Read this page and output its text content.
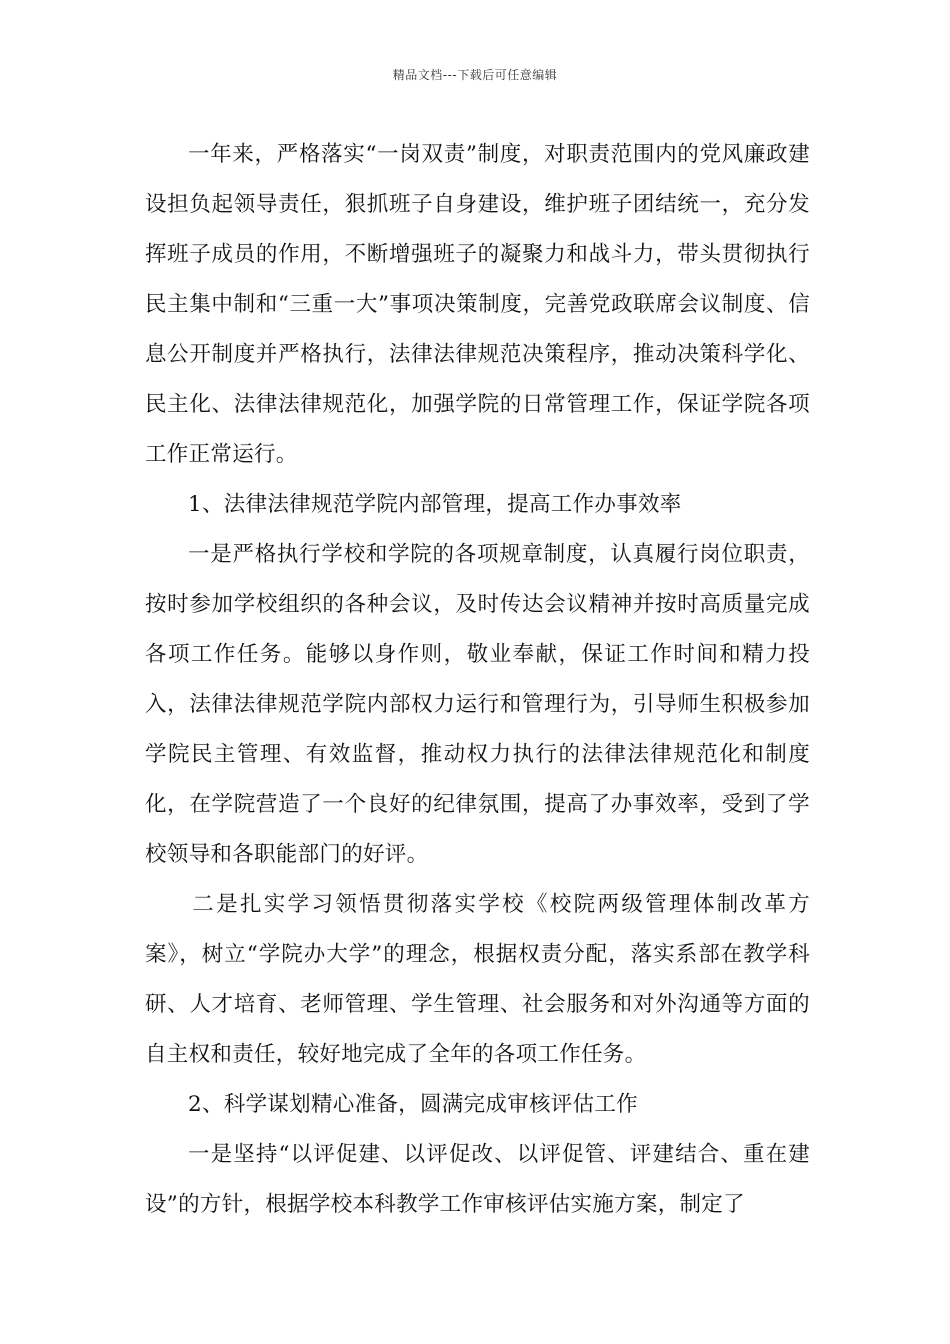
精品文档---下载后可任意编辑

一年来，严格落实“一岗双责”制度，对职责范围内的党风廉政建设担负起领导责任，狠抓班子自身建设，维护班子团结统一，充分发挥班子成员的作用，不断增强班子的凝聚力和战斗力，带头贯彻执行民主集中制和“三重一大”事项决策制度，完善党政联席会议制度、信息公开制度并严格执行，法律法律规范决策程序，推动决策科学化、民主化、法律法律规范化，加强学院的日常管理工作，保证学院各项工作正常运行。

1、法律法律规范学院内部管理，提高工作办事效率

一是严格执行学校和学院的各项规章制度，认真履行岗位职责，按时参加学校组织的各种会议，及时传达会议精神并按时高质量完成各项工作任务。能够以身作则，敬业奉献，保证工作时间和精力投入，法律法律规范学院内部权力运行和管理行为，引导师生积极参加学院民主管理、有效监督，推动权力执行的法律法律规范化和制度化，在学院营造了一个良好的纪律氛围，提高了办事效率，受到了学校领导和各职能部门的好评。

二是扎实学习领悟贯彻落实学校《校院两级管理体制改革方案》，树立“学院办大学”的理念，根据权责分配，落实系部在教学科研、人才培育、老师管理、学生管理、社会服务和对外沟通等方面的自主权和责任，较好地完成了全年的各项工作任务。

2、科学谋划精心准备，圆满完成审核评估工作

一是坚持“以评促建、以评促改、以评促管、评建结合、重在建设”的方针，根据学校本科教学工作审核评估实施方案，制定了
